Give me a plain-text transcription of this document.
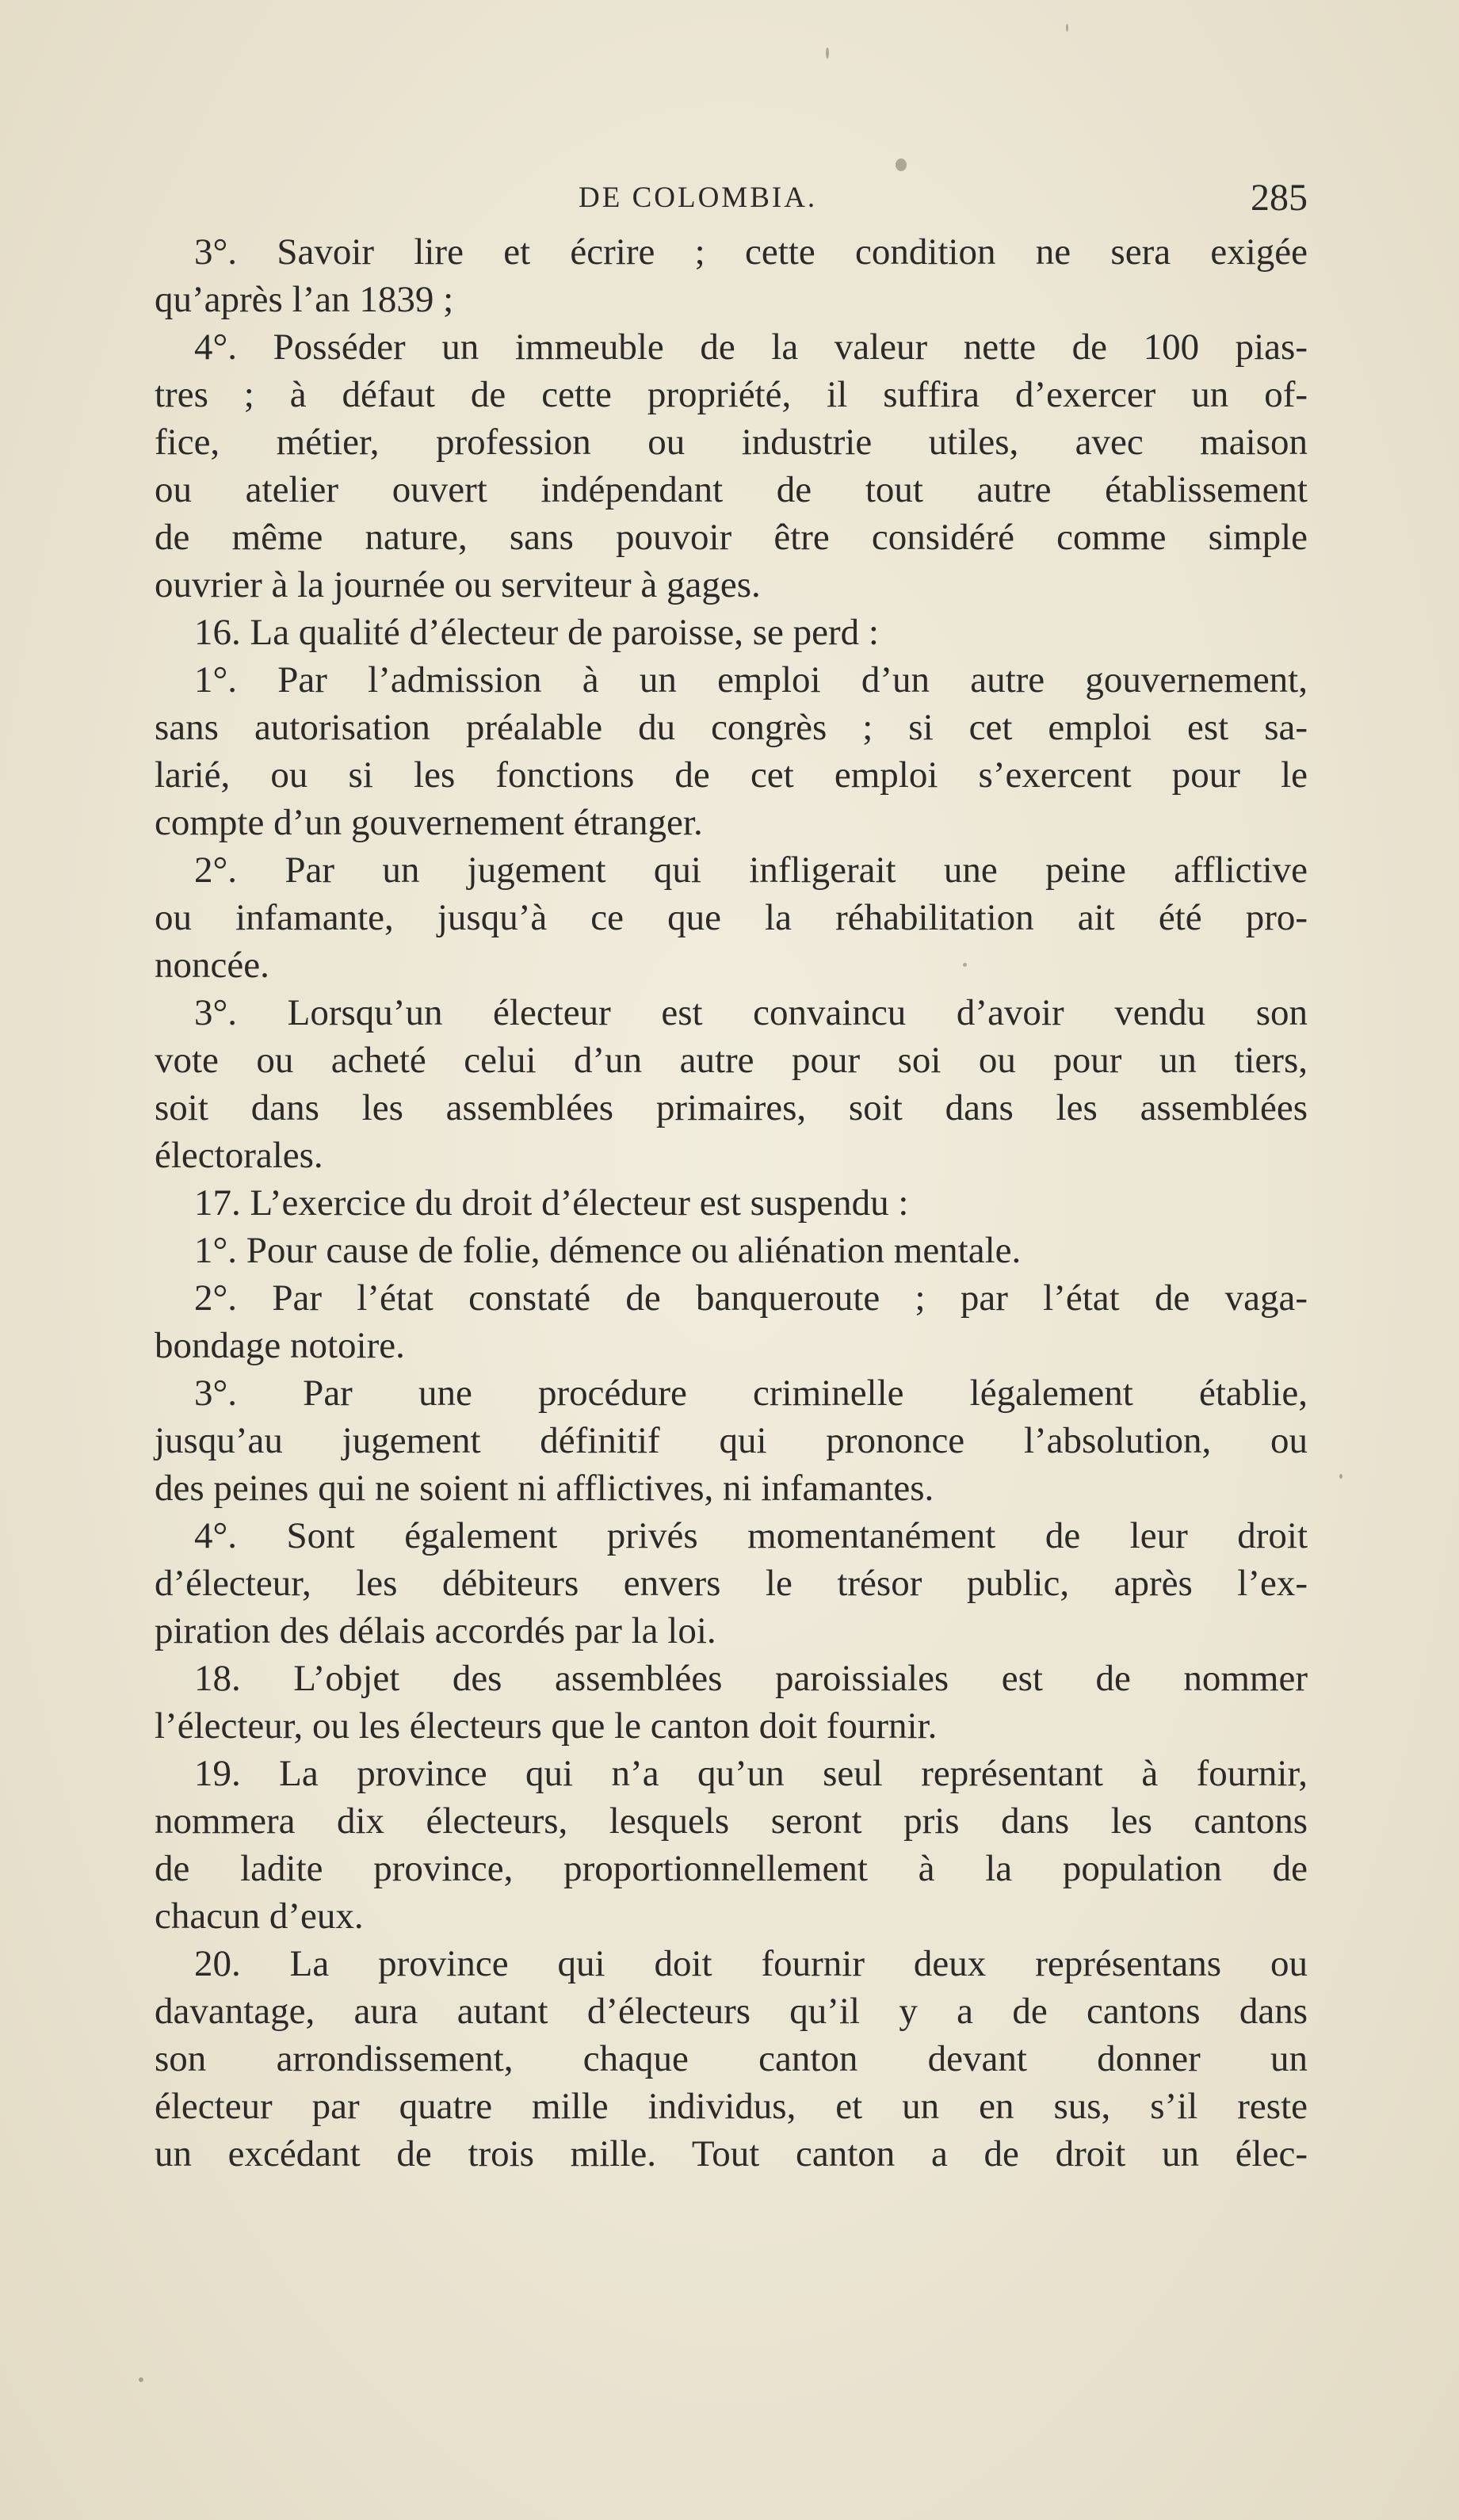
DE COLOMBIA.	285
3°. Savoir lire et écrire ; cette condition ne sera exigée
qu’après l’an 1839 ;
4°. Posséder un immeuble de la valeur nette de 100 pias-
tres ; à défaut de cette propriété, il suffira d’exercer un of-
fice, métier, profession ou industrie utiles, avec maison
ou atelier ouvert indépendant de tout autre établissement
de même nature, sans pouvoir être considéré comme simple
ouvrier à la journée ou serviteur à gages.
16. La qualité d’électeur de paroisse, se perd :
1°. Par l’admission à un emploi d’un autre gouvernement,
sans autorisation préalable du congrès ; si cet emploi est sa-
larié, ou si les fonctions de cet emploi s’exercent pour le
compte d’un gouvernement étranger.
2°. Par un jugement qui infligerait une peine afflictive
ou infamante, jusqu’à ce que la réhabilitation ait été pro-
noncée.
3°. Lorsqu’un électeur est convaincu d’avoir vendu son
vote ou acheté celui d’un autre pour soi ou pour un tiers,
soit dans les assemblées primaires, soit dans les assemblées
électorales.
17. L’exercice du droit d’électeur est suspendu :
1°. Pour cause de folie, démence ou aliénation mentale.
2°. Par l’état constaté de banqueroute ; par l’état de vaga-
bondage notoire.
3°. Par une procédure criminelle légalement établie,
jusqu’au jugement définitif qui prononce l’absolution, ou
des peines qui ne soient ni afflictives, ni infamantes.
4°. Sont également privés momentanément de leur droit
d’électeur, les débiteurs envers le trésor public, après l’ex-
piration des délais accordés par la loi.
18. L’objet des assemblées paroissiales est de nommer
l’électeur, ou les électeurs que le canton doit fournir.
19. La province qui n’a qu’un seul représentant à fournir,
nommera dix électeurs, lesquels seront pris dans les cantons
de ladite province, proportionnellement à la population de
chacun d’eux.
20. La province qui doit fournir deux représentans ou
davantage, aura autant d’électeurs qu’il y a de cantons dans
son arrondissement, chaque canton devant donner un
électeur par quatre mille individus, et un en sus, s’il reste
un excédant de trois mille. Tout canton a de droit un élec-
